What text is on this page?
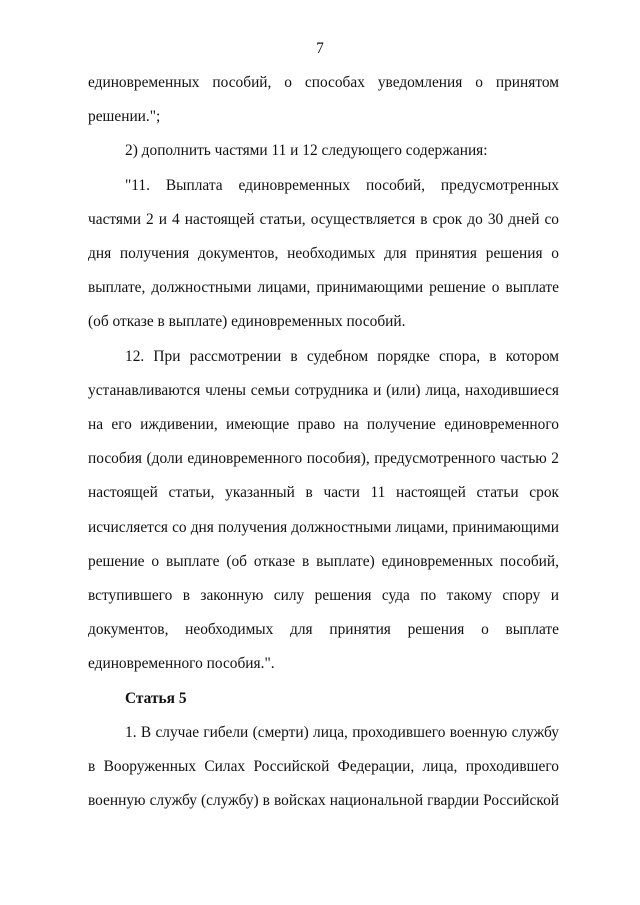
7

единовременных пособий, о способах уведомления о принятом решении.";

2) дополнить частями 11 и 12 следующего содержания:

"11. Выплата единовременных пособий, предусмотренных частями 2 и 4 настоящей статьи, осуществляется в срок до 30 дней со дня получения документов, необходимых для принятия решения о выплате, должностными лицами, принимающими решение о выплате (об отказе в выплате) единовременных пособий.

12. При рассмотрении в судебном порядке спора, в котором устанавливаются члены семьи сотрудника и (или) лица, находившиеся на его иждивении, имеющие право на получение единовременного пособия (доли единовременного пособия), предусмотренного частью 2 настоящей статьи, указанный в части 11 настоящей статьи срок исчисляется со дня получения должностными лицами, принимающими решение о выплате (об отказе в выплате) единовременных пособий, вступившего в законную силу решения суда по такому спору и документов, необходимых для принятия решения о выплате единовременного пособия.".

Статья 5

1. В случае гибели (смерти) лица, проходившего военную службу в Вооруженных Силах Российской Федерации, лица, проходившего военную службу (службу) в войсках национальной гвардии Российской
